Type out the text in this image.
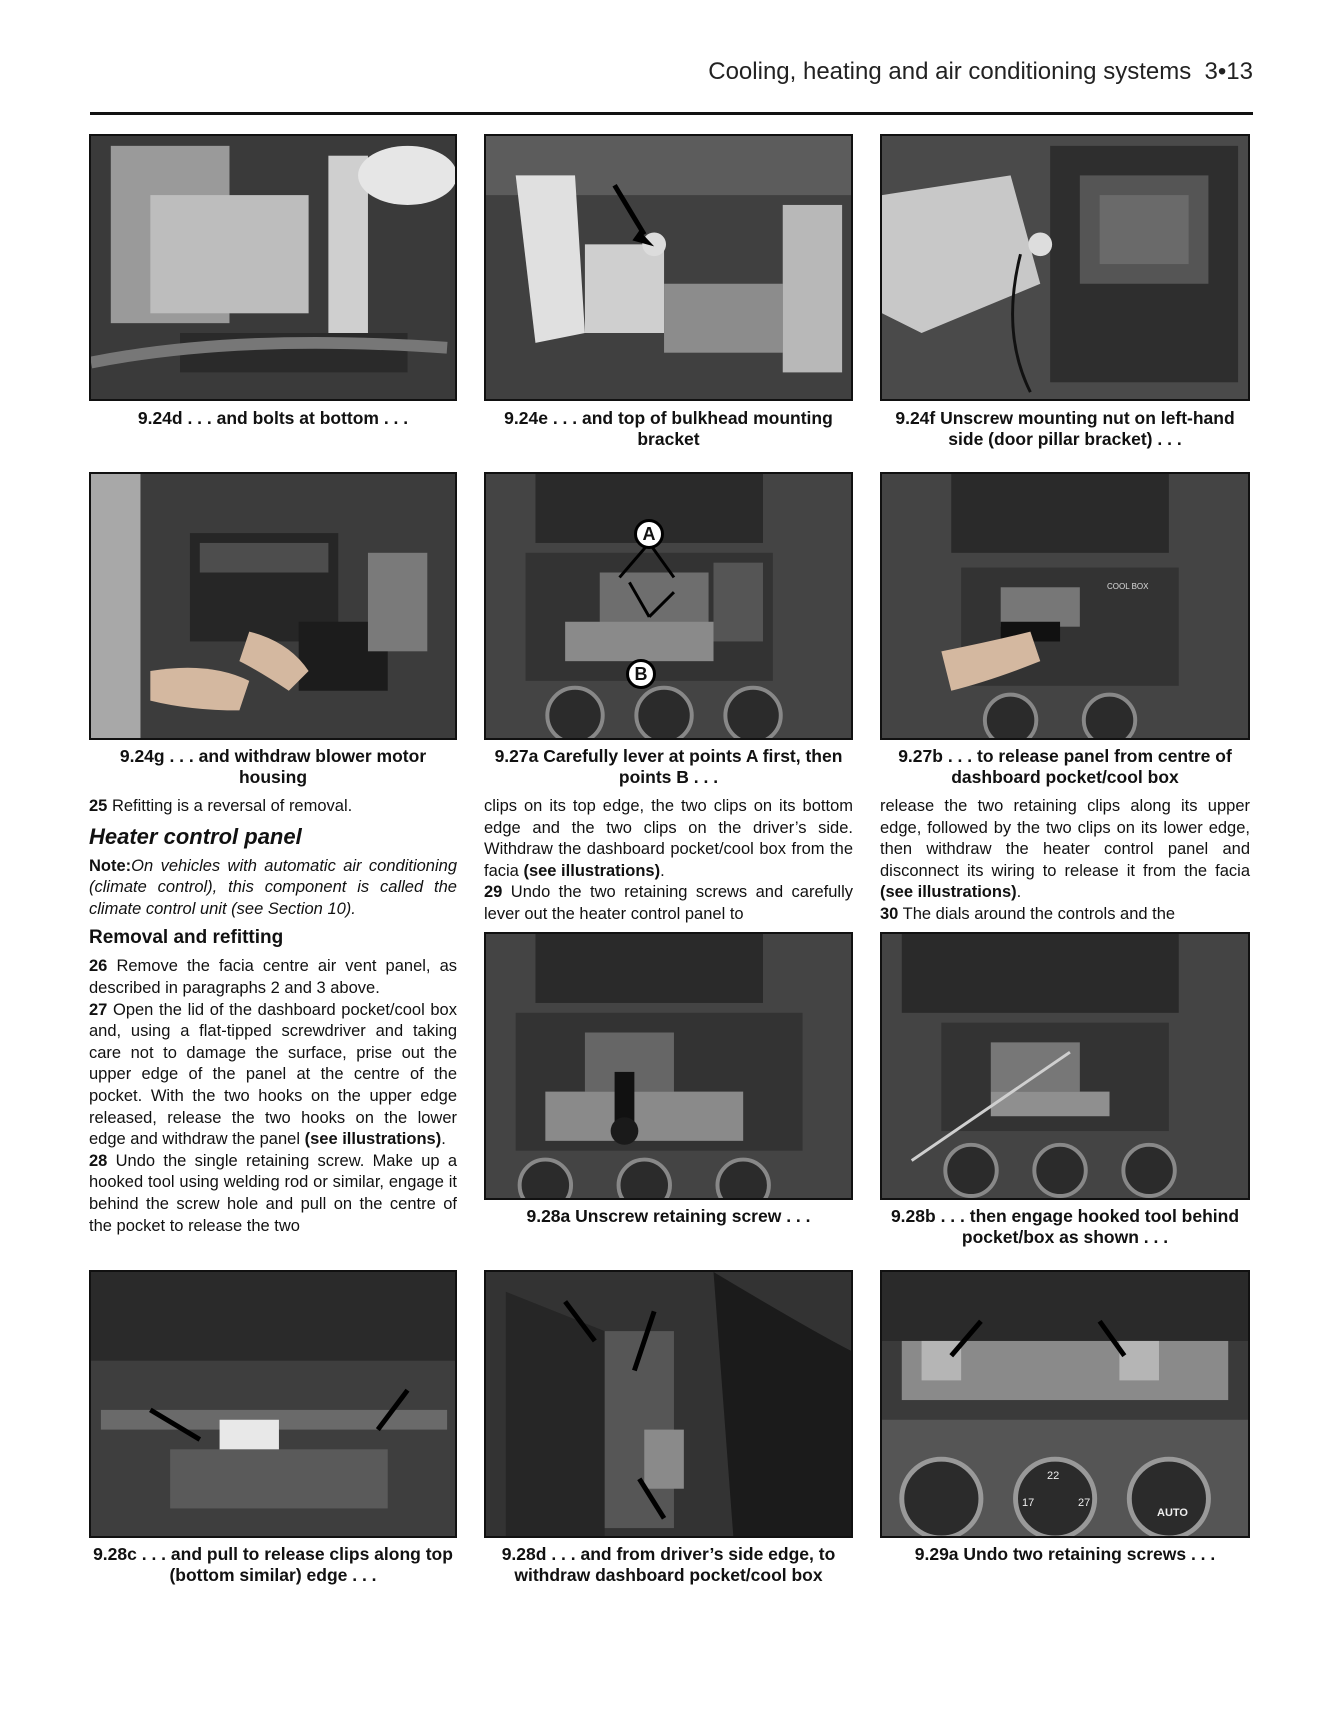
Cooling, heating and air conditioning systems 3•13
9.24d . . . and bolts at bottom . . .	9.24e . . . and top of bulkhead mounting bracket
9.24f Unscrew mounting nut on left-hand side (door pillar bracket) . . .
9.24g . . . and withdraw blower motor housing
A
B
9.27a Carefully lever at points A first, then points B . . .
COOL BOX
9.27b . . . to release panel from centre of dashboard pocket/cool box

25 Refitting is a reversal of removal.

Heater control panel

Note:On vehicles with automatic air conditioning (climate control), this component is called the climate control unit (see Section 10).

Removal and refitting

26 Remove the facia centre air vent panel, as described in paragraphs 2 and 3 above.

27 Open the lid of the dashboard pocket/cool box and, using a flat-tipped screwdriver and taking care not to damage the surface, prise out the upper edge of the panel at the centre of the pocket. With the two hooks on the upper edge released, release the two hooks on the lower edge and withdraw the panel (see illustrations).

28 Undo the single retaining screw. Make up a hooked tool using welding rod or similar, engage it behind the screw hole and pull on the centre of the pocket to release the two

clips on its top edge, the two clips on its bottom edge and the two clips on the driver’s side. Withdraw the dashboard pocket/cool box from the facia (see illustrations).

29 Undo the two retaining screws and carefully lever out the heater control panel to

release the two retaining clips along its upper edge, followed by the two clips on its lower edge, then withdraw the heater control panel and disconnect its wiring to release it from the facia (see illustrations).

30 The dials around the controls and the

9.28a Unscrew retaining screw . . .	9.28b . . . then engage hooked tool behind pocket/box as shown . . .
9.28c . . . and pull to release clips along top (bottom similar) edge . . .
9.28d . . . and from driver’s side edge, to withdraw dashboard pocket/cool box
22
17	27
AUTO
9.29a Undo two retaining screws . . .
